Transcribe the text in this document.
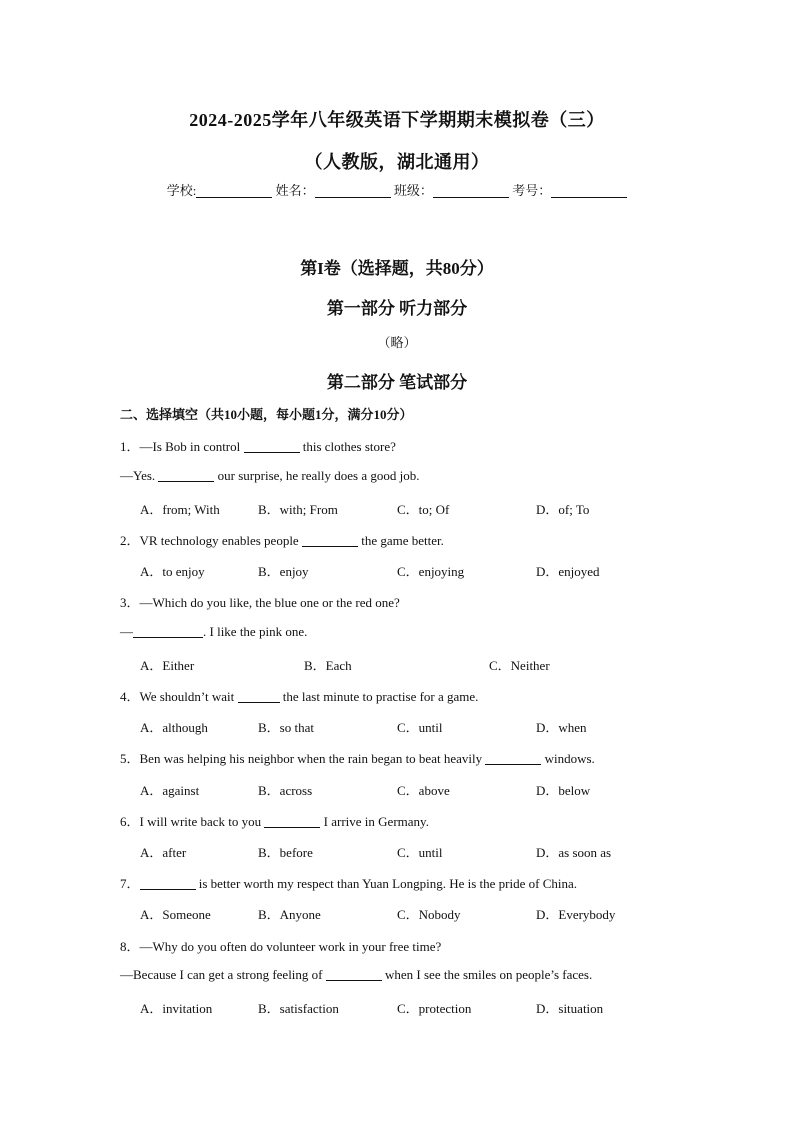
2024-2025学年八年级英语下学期期末模拟卷（三）
（人教版，湖北通用）
学校:	姓名：	班级：	考号：
第I卷（选择题，共80分）
第一部分 听力部分
（略）
第二部分 笔试部分
二、选择填空（共10小题，每小题1分，满分10分）
1．—Is Bob in control	this clothes store?
—Yes.	our surprise, he really does a good job.
A．from; With	B．with; From	C．to; Of	D．of; To
2．VR technology enables people	the game better.
A．to enjoy	B．enjoy	C．enjoying	D．enjoyed
3．—Which do you like, the blue one or the red one?
—	. I like the pink one.
A．Either	B．Each	C．Neither
4．We shouldn’t wait	the last minute to practise for a game.
A．although	B．so that	C．until	D．when
5．Ben was helping his neighbor when the rain began to beat heavily	windows.
A．against	B．across	C．above	D．below
6．I will write back to you	I arrive in Germany.
A．after	B．before	C．until	D．as soon as
7．	is better worth my respect than Yuan Longping. He is the pride of China.
A．Someone	B．Anyone	C．Nobody	D．Everybody
8．—Why do you often do volunteer work in your free time?
—Because I can get a strong feeling of	when I see the smiles on people’s faces.
A．invitation	B．satisfaction	C．protection	D．situation
